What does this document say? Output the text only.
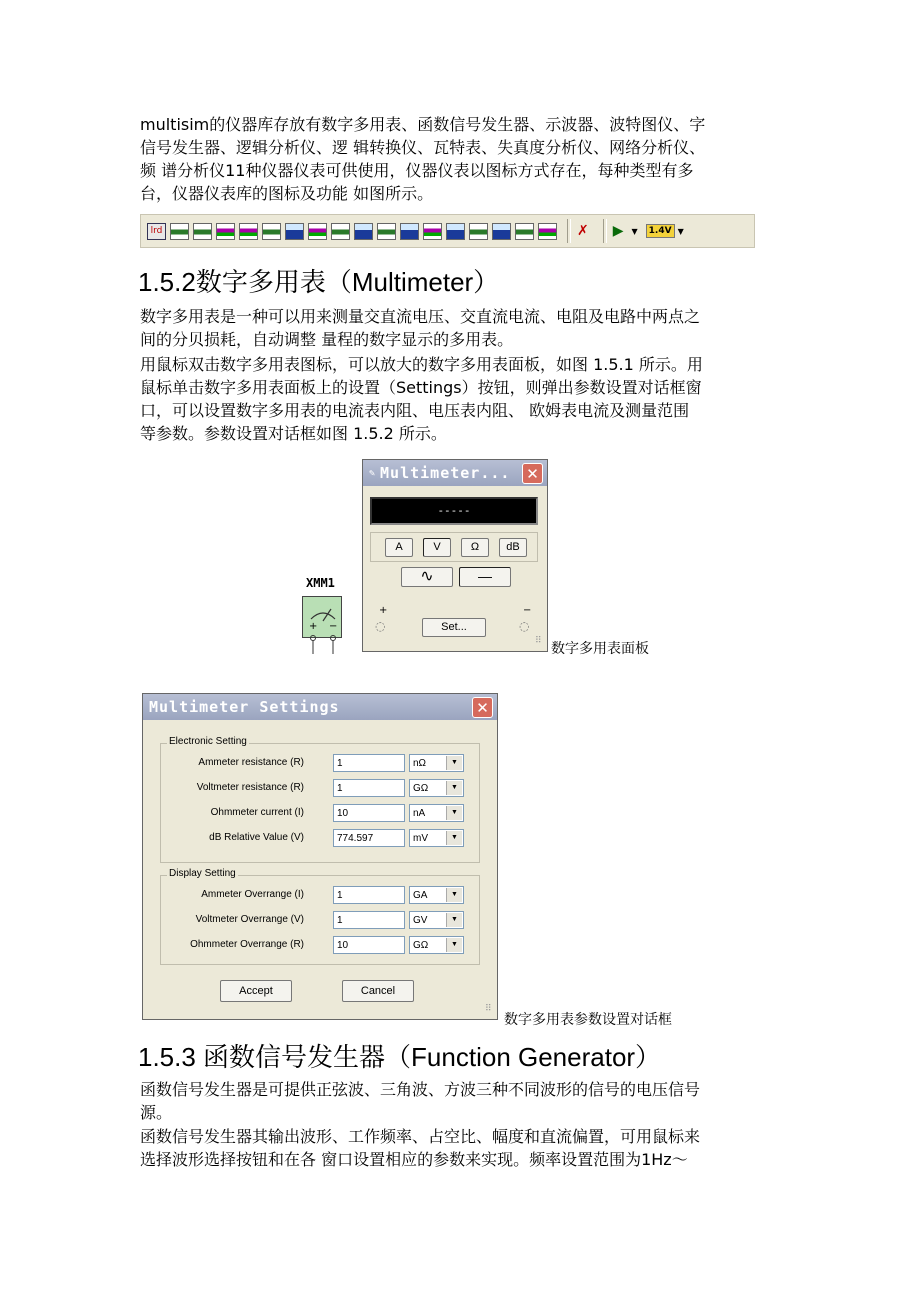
multisim的仪器库存放有数字多用表、函数信号发生器、示波器、波特图仪、字

信号发生器、逻辑分析仪、逻 辑转换仪、瓦特表、失真度分析仪、网络分析仪、

频 谱分析仪11种仪器仪表可供使用，仪器仪表以图标方式存在，每种类型有多

台，仪器仪表库的图标及功能 如图所示。

lrd	✗ ▶ ▼	1.4V ▼
1.5.2数字多用表（Multimeter）

数字多用表是一种可以用来测量交直流电压、交直流电流、电阻及电路中两点之

间的分贝损耗，自动调整 量程的数字显示的多用表。

用鼠标双击数字多用表图标，可以放大的数字多用表面板，如图 1.5.1 所示。用

鼠标单击数字多用表面板上的设置（Settings）按钮，则弹出参数设置对话框窗

口，可以设置数字多用表的电流表内阻、电压表内阻、 欧姆表电流及测量范围

等参数。参数设置对话框如图 1.5.2 所示。

XMM1
+ −
✎ Multimeter... ✕
-----
A	V	Ω	dB
∿	—
+	−
◌	◌
Set...
⠿ 数字多用表面板
Multimeter Settings	✕
Electronic Setting
Ammeter resistance (R)	1	nΩ	▼
Voltmeter resistance (R)	1	GΩ	▼
Ohmmeter current (I)	10	nA	▼
dB Relative Value (V)	774.597	mV	▼
Display Setting
Ammeter Overrange (I)	1	GA	▼
Voltmeter Overrange (V)	1	GV	▼
Ohmmeter Overrange (R)	10	GΩ	▼
Accept	Cancel
⠿
数字多用表参数设置对话框
1.5.3 函数信号发生器（Function Generator）

函数信号发生器是可提供正弦波、三角波、方波三种不同波形的信号的电压信号

源。

函数信号发生器其输出波形、工作频率、占空比、幅度和直流偏置，可用鼠标来

选择波形选择按钮和在各 窗口设置相应的参数来实现。频率设置范围为1Hz～
